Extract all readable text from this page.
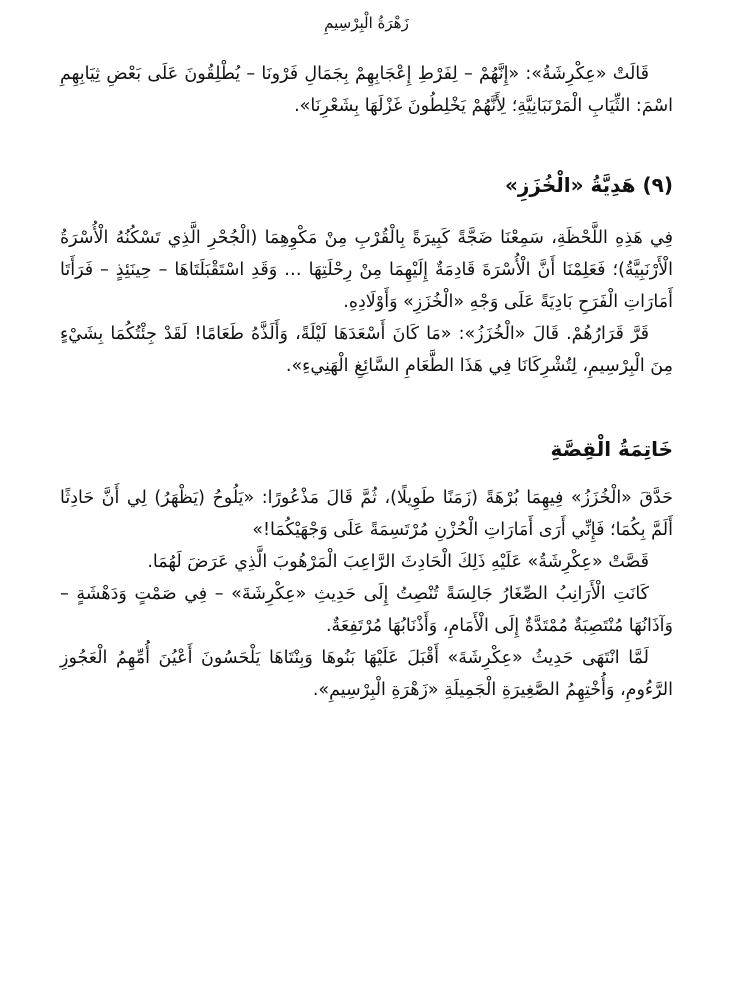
زَهْرَةُ الْبِرْسِيمِ

قَالَتْ «عِكْرِشَةُ»: «إِنَّهُمْ – لِفَرْطِ إِعْجَابِهِمْ بِجَمَالِ فَرْونَا – يُطْلِقُونَ عَلَى بَعْضِ ثِيَابِهِمِ اسْمَ: الثِّيَابِ الْمَرْنَبَانِيَّةِ؛ لِأَنَّهُمْ يَخْلِطُونَ غَزْلَهَا بِشَعْرِنَا».

(٩) هَدِيَّةُ «الْخُزَزِ»

فِي هَذِهِ اللَّحْظَةِ، سَمِعْنَا ضَجَّةً كَبِيرَةً بِالْقُرْبِ مِنْ مَكْوِهِمَا (الْجُحْرِ الَّذِي تَسْكُنُهُ الْأُسْرَةُ الْأَرْنَبِيَّةُ)؛ فَعَلِمْنَا أَنَّ الْأُسْرَةَ قَادِمَةٌ إِلَيْهِمَا مِنْ رِحْلَتِهَا … وَقَدِ اسْتَقْبَلَتَاهَا – حِينَئِذٍ – فَرَأَتَا أَمَارَاتِ الْفَرَحِ بَادِيَةً عَلَى وَجْهِ «الْخُزَزِ» وَأَوْلَادِهِ.

قَرَّ قَرَارُهُمْ. قَالَ «الْخُزَزُ»: «مَا كَانَ أَسْعَدَهَا لَيْلَةً، وَأَلَذَّهُ طَعَامًا! لَقَدْ جِئْتُكُمَا بِشَيْءٍ مِنَ الْبِرْسِيمِ، لِتُشْرِكَانَا فِي هَذَا الطَّعَامِ السَّائِغِ الْهَنِيءِ».

خَاتِمَةُ الْقِصَّةِ

حَدَّقَ «الْخُزَزُ» فِيهِمَا بُرْهَةً (زَمَنًا طَوِيلًا)، ثُمَّ قَالَ مَذْعُورًا: «يَلُوحُ (يَظْهَرُ) لِي أَنَّ حَادِثًا أَلَمَّ بِكُمَا؛ فَإِنِّي أَرَى أَمَارَاتِ الْحُزْنِ مُرْتَسِمَةً عَلَى وَجْهَيْكُمَا!»

قَصَّتْ «عِكْرِشَةُ» عَلَيْهِ ذَلِكَ الْحَادِثَ الرَّاعِبَ الْمَرْهُوبَ الَّذِي عَرَضَ لَهُمَا.

كَانَتِ الْأَرَانِبُ الصِّغَارُ جَالِسَةً تُنْصِتُ إِلَى حَدِيثِ «عِكْرِشَةَ» – فِي صَمْتٍ وَدَهْشَةٍ – وَآذَانُهَا مُنْتَصِبَةٌ مُمْتَدَّةٌ إِلَى الْأَمَامِ، وَأَذْنَابُهَا مُرْتَفِعَةٌ.

لَمَّا انْتَهَى حَدِيثُ «عِكْرِشَةَ» أَقْبَلَ عَلَيْهَا بَنُوهَا وَبِنْتَاهَا يَلْحَسُونَ أَعْيُنَ أُمِّهِمُ الْعَجُوزِ الرَّءُومِ، وَأُخْتِهِمُ الصَّغِيرَةِ الْجَمِيلَةِ «زَهْرَةِ الْبِرْسِيمِ».
